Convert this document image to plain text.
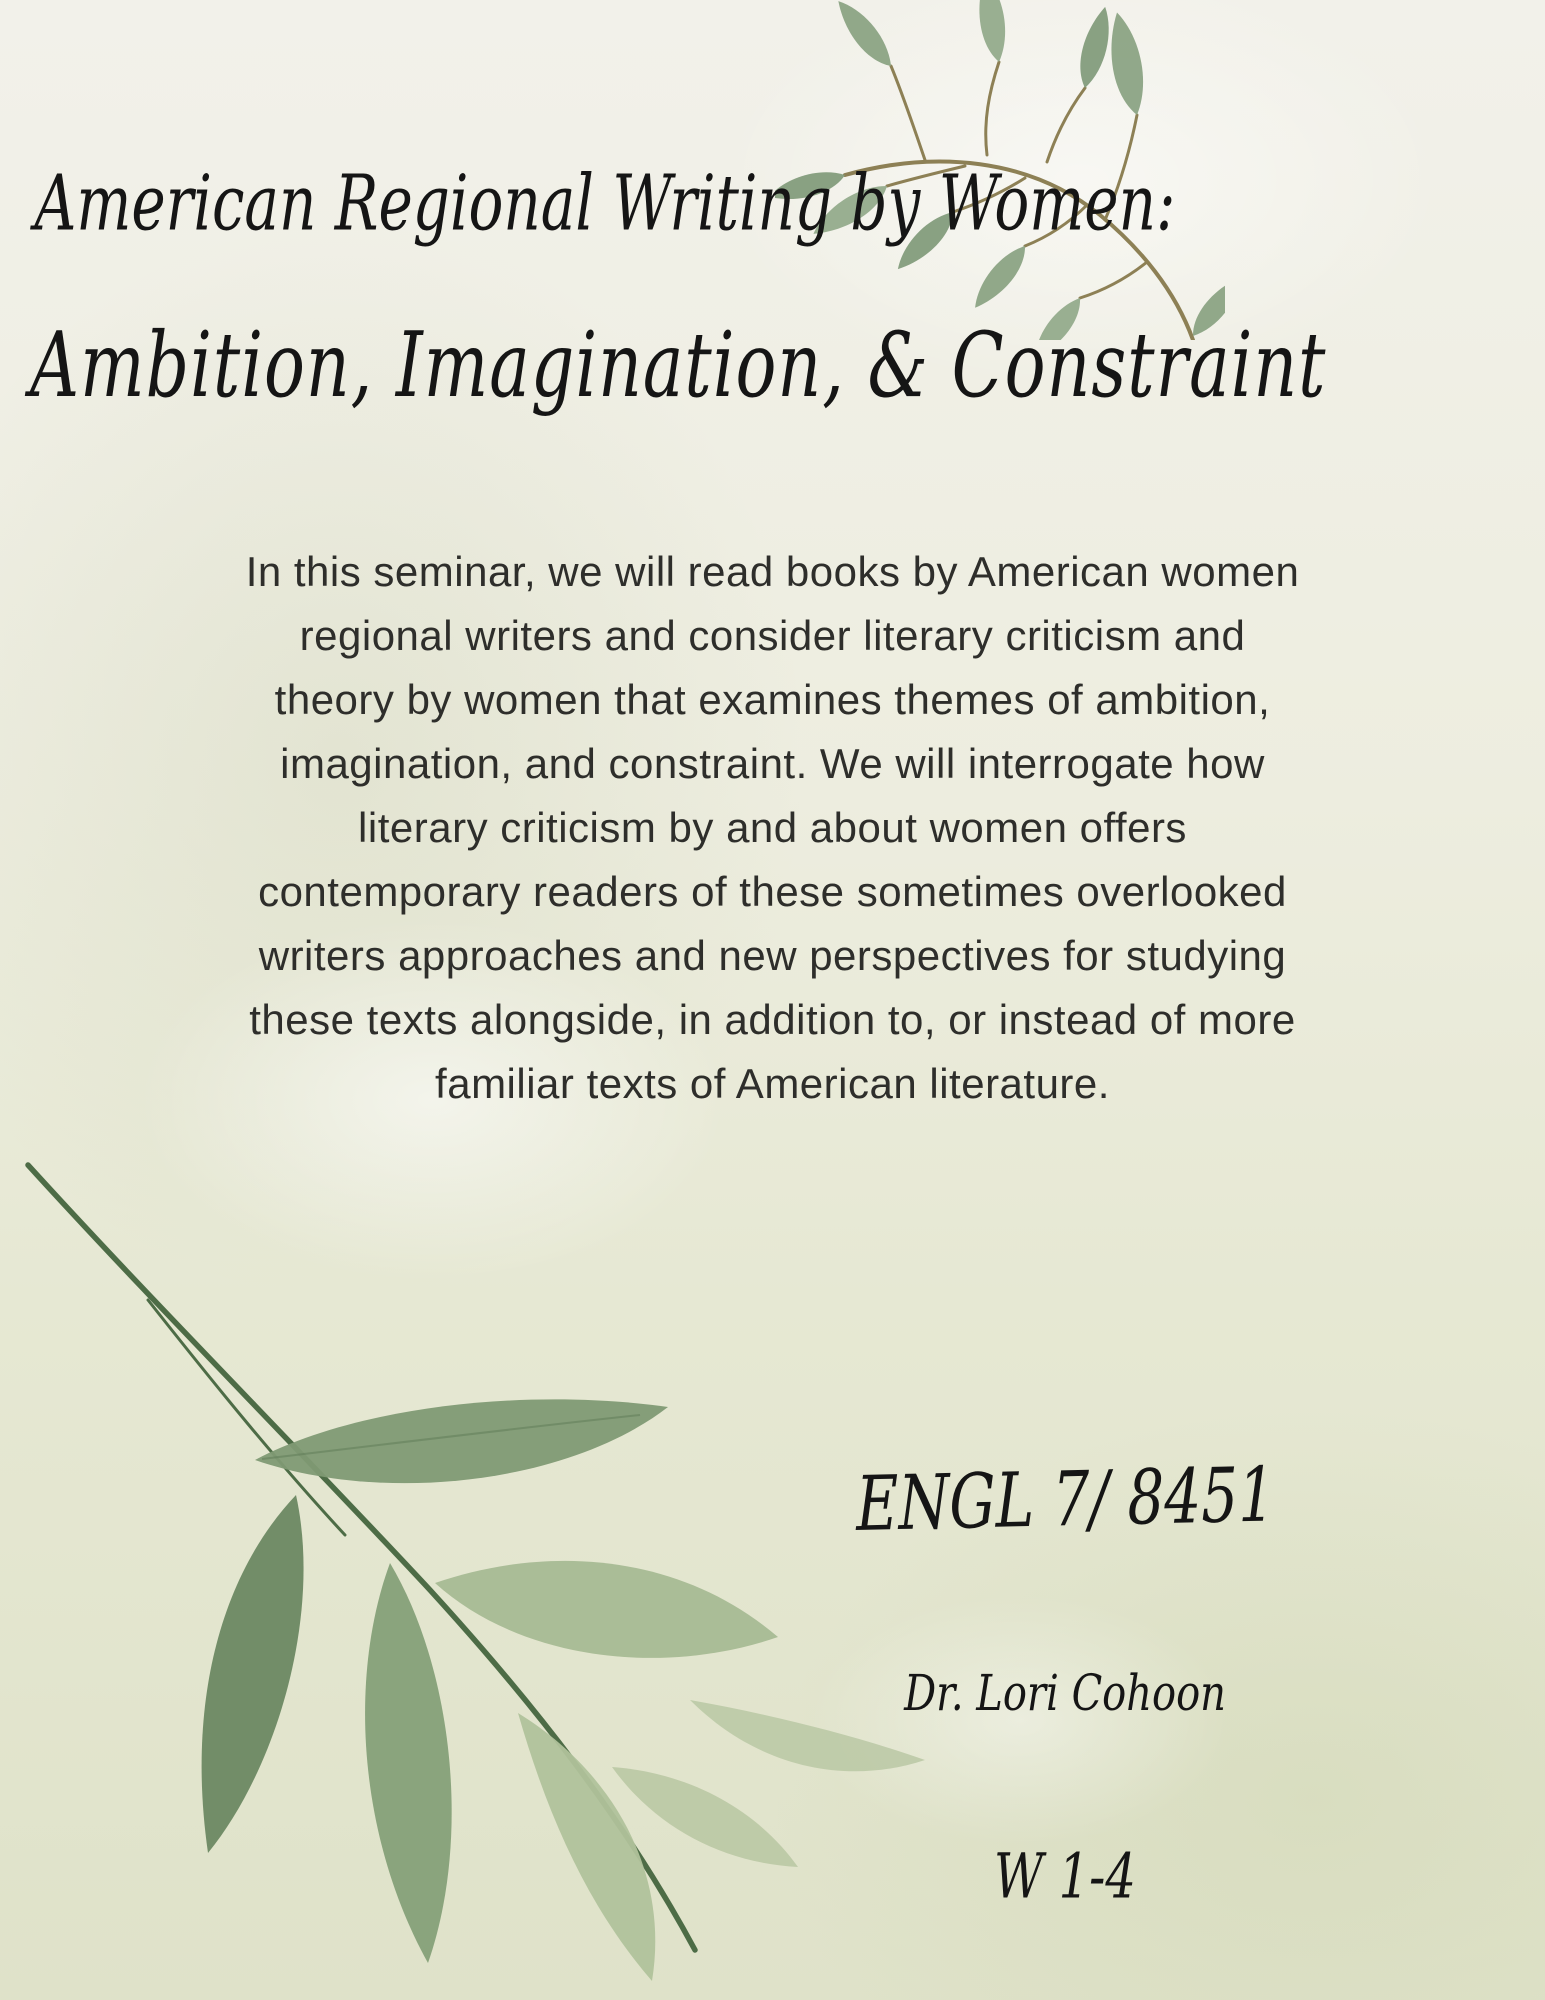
American Regional Writing by Women:
Ambition, Imagination, & Constraint
In this seminar, we will read books by American women
regional writers and consider literary criticism and
theory by women that examines themes of ambition,
imagination, and constraint. We will interrogate how
literary criticism by and about women offers
contemporary readers of these sometimes overlooked
writers approaches and new perspectives for studying
these texts alongside, in addition to, or instead of more
familiar texts of American literature.
ENGL 7/ 8451
Dr. Lori Cohoon
W 1-4
